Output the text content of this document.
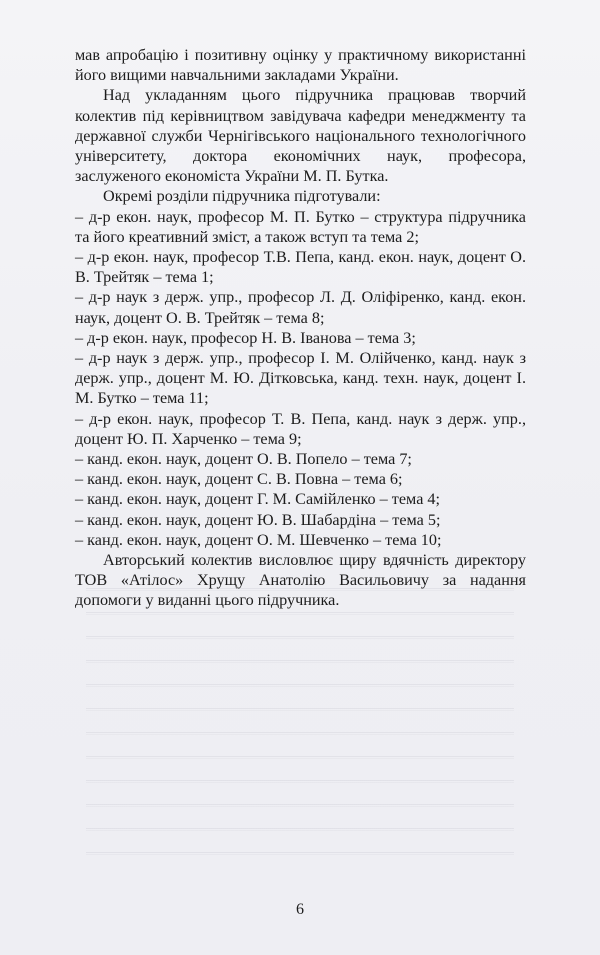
мав апробацію і позитивну оцінку у практичному використанні його вищими навчальними закладами України.

Над укладанням цього підручника працював творчий колектив під керівництвом завідувача кафедри менеджменту та державної служби Чернігівського національного технологічного університету, доктора економічних наук, професора, заслуженого економіста України М. П. Бутка.

Окремі розділи підручника підготували:

– д-р екон. наук, професор М. П. Бутко – структура підручника та його креативний зміст, а також вступ та тема 2;

– д-р екон. наук, професор Т.В. Пепа, канд. екон. наук, доцент О. В. Трейтяк – тема 1;

– д-р наук з держ. упр., професор Л. Д. Оліфіренко, канд. екон. наук, доцент О. В. Трейтяк – тема 8;

– д-р екон. наук, професор Н. В. Іванова – тема 3;

– д-р наук з держ. упр., професор І. М. Олійченко, канд. наук з держ. упр., доцент М. Ю. Дітковська, канд. техн. наук, доцент І. М. Бутко – тема 11;

– д-р екон. наук, професор Т. В. Пепа, канд. наук з держ. упр., доцент Ю. П. Харченко – тема 9;

– канд. екон. наук, доцент О. В. Попело – тема 7;

– канд. екон. наук, доцент С. В. Повна – тема 6;

– канд. екон. наук, доцент Г. М. Самійленко – тема 4;

– канд. екон. наук, доцент Ю. В. Шабардіна – тема 5;

– канд. екон. наук, доцент О. М. Шевченко – тема 10;

Авторський колектив висловлює щиру вдячність директору ТОВ «Атілос» Хрущу Анатолію Васильовичу за надання допомоги у виданні цього підручника.

6
